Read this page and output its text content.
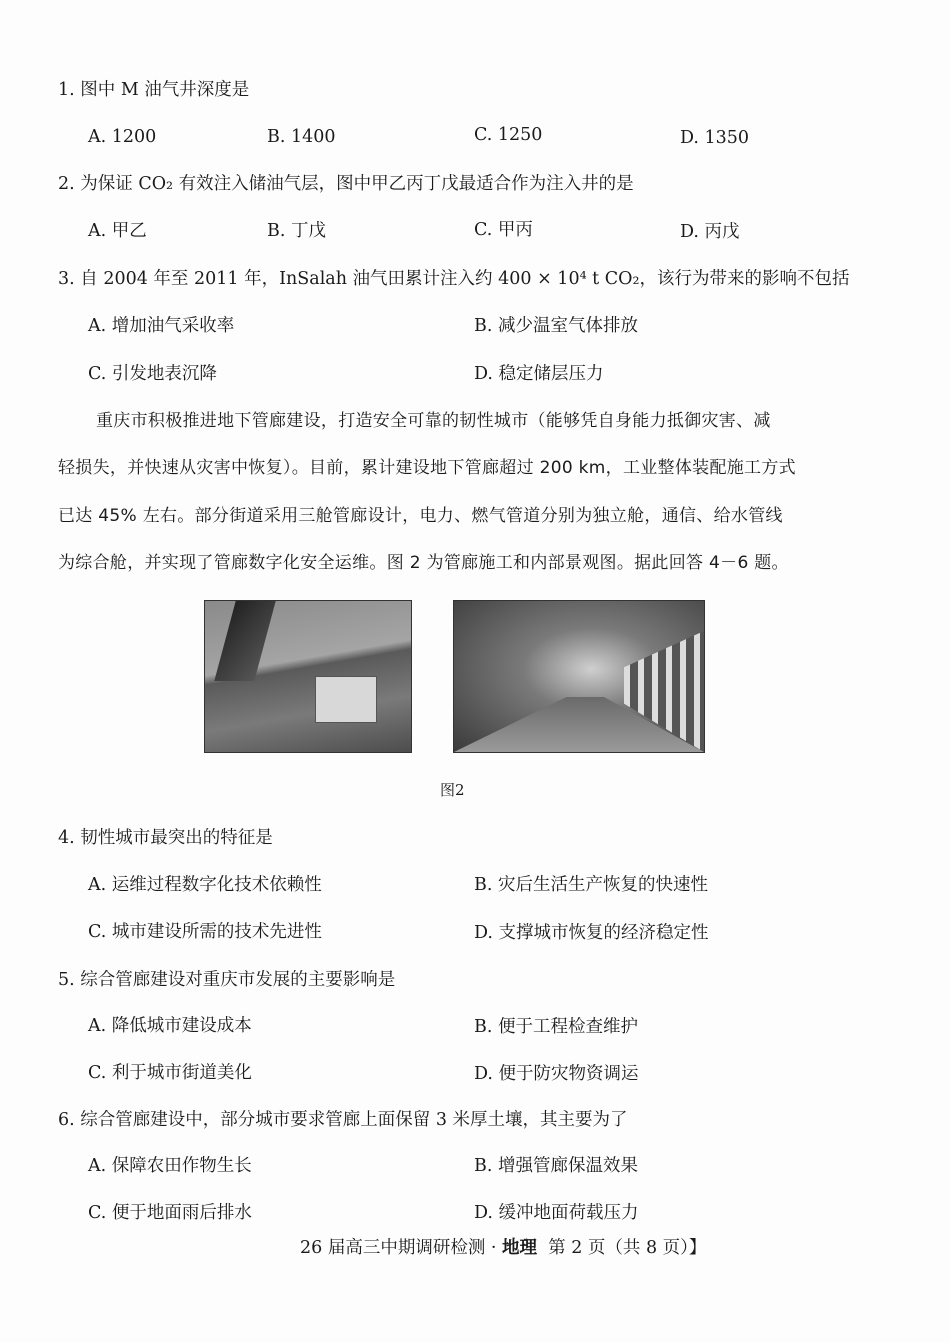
1. 图中 M 油气井深度是
A. 1200	B. 1400	C. 1250	D. 1350
2. 为保证 CO₂ 有效注入储油气层，图中甲乙丙丁戊最适合作为注入井的是
A. 甲乙	B. 丁戊	C. 甲丙	D. 丙戊
3. 自 2004 年至 2011 年，InSalah 油气田累计注入约 400 × 10⁴ t CO₂，该行为带来的影响不包括
A. 增加油气采收率	B. 减少温室气体排放
C. 引发地表沉降	D. 稳定储层压力
重庆市积极推进地下管廊建设，打造安全可靠的韧性城市（能够凭自身能力抵御灾害、减
轻损失，并快速从灾害中恢复）。目前，累计建设地下管廊超过 200 km，工业整体装配施工方式
已达 45% 左右。部分街道采用三舱管廊设计，电力、燃气管道分别为独立舱，通信、给水管线
为综合舱，并实现了管廊数字化安全运维。图 2 为管廊施工和内部景观图。据此回答 4－6 题。
图2
4. 韧性城市最突出的特征是
A. 运维过程数字化技术依赖性	B. 灾后生活生产恢复的快速性
C. 城市建设所需的技术先进性	D. 支撑城市恢复的经济稳定性
5. 综合管廊建设对重庆市发展的主要影响是
A. 降低城市建设成本	B. 便于工程检查维护
C. 利于城市街道美化	D. 便于防灾物资调运
6. 综合管廊建设中，部分城市要求管廊上面保留 3 米厚土壤，其主要为了
A. 保障农田作物生长	B. 增强管廊保温效果
C. 便于地面雨后排水	D. 缓冲地面荷载压力
26 届高三中期调研检测 · 地理  第 2 页（共 8 页）】
